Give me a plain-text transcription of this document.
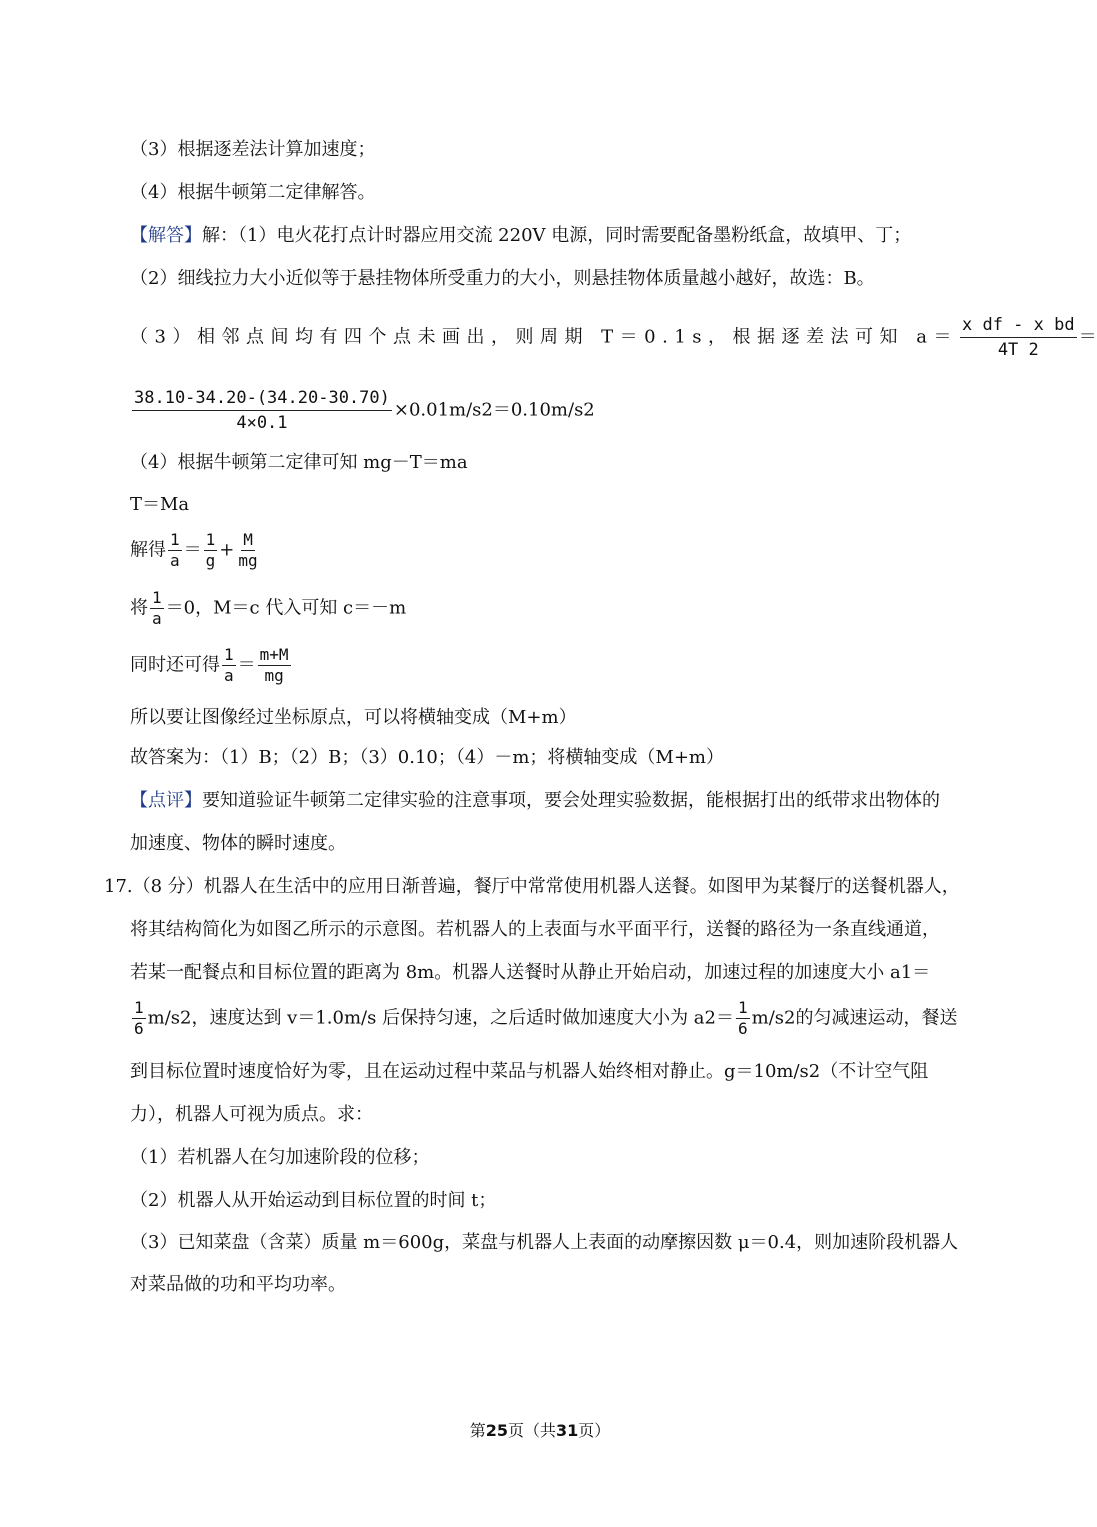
（3）根据逐差法计算加速度；
（4）根据牛顿第二定律解答。
【解答】解：（1）电火花打点计时器应用交流 220V 电源，同时需要配备墨粉纸盒，故填甲、丁；
（2）细线拉力大小近似等于悬挂物体所受重力的大小，则悬挂物体质量越小越好，故选：B。
（3）相邻点间均有四个点未画出，则周期 T＝0.1s，根据逐差法可知 $a= \frac{\text{x df - x bd}}{4T 2}$ ＝
$\frac{38.10-34.20-(34.20-30.70)}{4\times 0.1} \times 0.01m/s2=0.10m/s2$
（4）根据牛顿第二定律可知 mg－T＝ma
T＝Ma
解得 $\frac{1}{a} = \frac{1}{g} + \frac{M}{mg}$
将 $\frac{1}{a} =0$，M＝c 代入可知 c＝－m
同时还可得 $\frac{1}{a} = \frac{m+M}{mg}$
所以要让图像经过坐标原点，可以将横轴变成（M+m）
故答案为：（1）B；（2）B；（3）0.10；（4）－m；将横轴变成（M+m）
【点评】要知道验证牛顿第二定律实验的注意事项，要会处理实验数据，能根据打出的纸带求出物体的
加速度、物体的瞬时速度。
17.（8 分）机器人在生活中的应用日渐普遍，餐厅中常常使用机器人送餐。如图甲为某餐厅的送餐机器人，
将其结构简化为如图乙所示的示意图。若机器人的上表面与水平面平行，送餐的路径为一条直线通道，
若某一配餐点和目标位置的距离为 8m。机器人送餐时从静止开始启动，加速过程的加速度大小 a1＝
$\frac{1}{6} m/s2$，速度达到 v＝1.0m/s 后保持匀速，之后适时做加速度大小为 $a2= \frac{1}{6} m/s2$的匀减速运动，餐送
到目标位置时速度恰好为零，且在运动过程中菜品与机器人始终相对静止。g＝10m/s2（不计空气阻
力），机器人可视为质点。求：
（1）若机器人在匀加速阶段的位移；
（2）机器人从开始运动到目标位置的时间 t；
（3）已知菜盘（含菜）质量 m＝600g，菜盘与机器人上表面的动摩擦因数 μ＝0.4，则加速阶段机器人
对菜品做的功和平均功率。
第25页（共31页）
